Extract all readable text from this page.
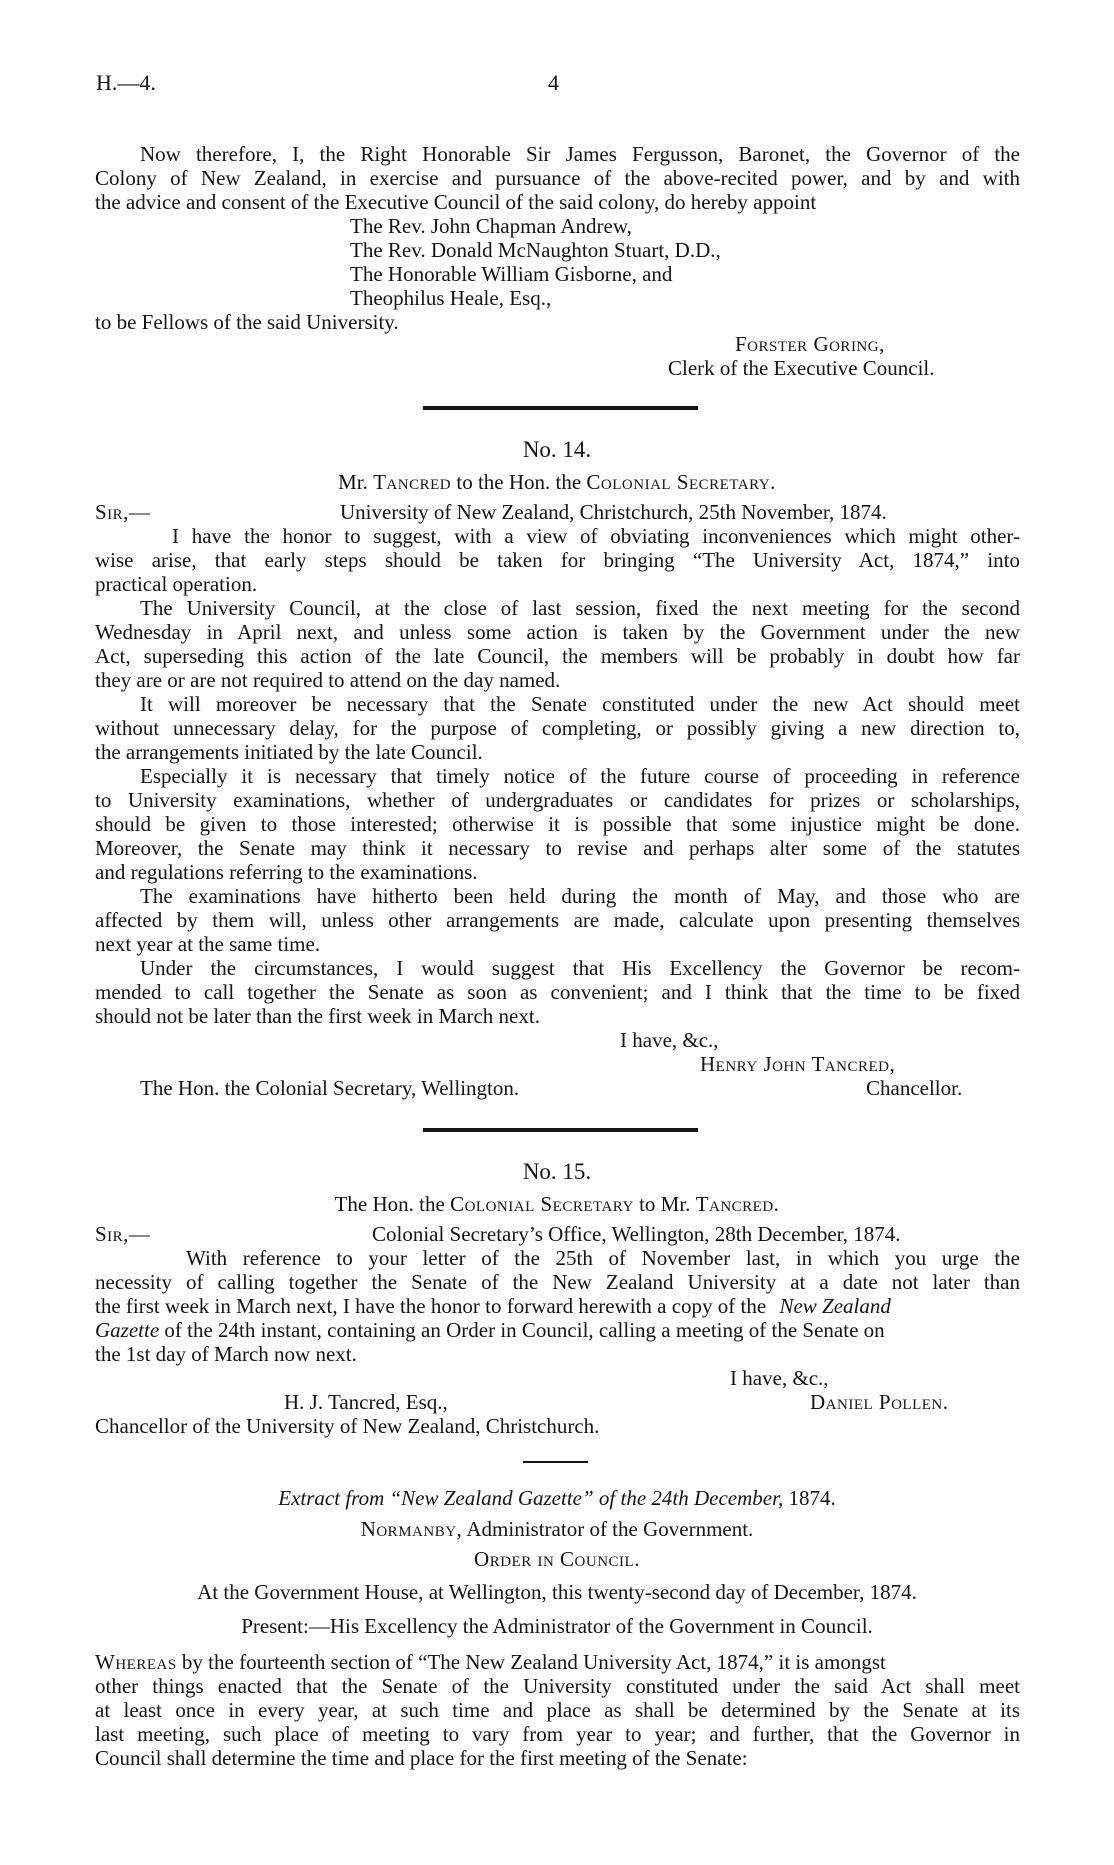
H.—4.	4
Now therefore, I, the Right Honorable Sir James Fergusson, Baronet, the Governor of the
Colony of New Zealand, in exercise and pursuance of the above-recited power, and by and with
the advice and consent of the Executive Council of the said colony, do hereby appoint
The Rev. John Chapman Andrew,
The Rev. Donald McNaughton Stuart, D.D.,
The Honorable William Gisborne, and
Theophilus Heale, Esq.,
to be Fellows of the said University.
Forster Goring,
Clerk of the Executive Council.
No. 14.
Mr. Tancred to the Hon. the Colonial Secretary.
Sir,—	University of New Zealand, Christchurch, 25th November, 1874.
I have the honor to suggest, with a view of obviating inconveniences which might other-
wise arise, that early steps should be taken for bringing “The University Act, 1874,” into
practical operation.
The University Council, at the close of last session, fixed the next meeting for the second
Wednesday in April next, and unless some action is taken by the Government under the new
Act, superseding this action of the late Council, the members will be probably in doubt how far
they are or are not required to attend on the day named.
It will moreover be necessary that the Senate constituted under the new Act should meet
without unnecessary delay, for the purpose of completing, or possibly giving a new direction to,
the arrangements initiated by the late Council.
Especially it is necessary that timely notice of the future course of proceeding in reference
to University examinations, whether of undergraduates or candidates for prizes or scholarships,
should be given to those interested; otherwise it is possible that some injustice might be done.
Moreover, the Senate may think it necessary to revise and perhaps alter some of the statutes
and regulations referring to the examinations.
The examinations have hitherto been held during the month of May, and those who are
affected by them will, unless other arrangements are made, calculate upon presenting themselves
next year at the same time.
Under the circumstances, I would suggest that His Excellency the Governor be recom-
mended to call together the Senate as soon as convenient; and I think that the time to be fixed
should not be later than the first week in March next.
I have, &c.,
Henry John Tancred,
The Hon. the Colonial Secretary, Wellington.	Chancellor.
No. 15.
The Hon. the Colonial Secretary to Mr. Tancred.
Sir,—	Colonial Secretary’s Office, Wellington, 28th December, 1874.
With reference to your letter of the 25th of November last, in which you urge the
necessity of calling together the Senate of the New Zealand University at a date not later than
the first week in March next, I have the honor to forward herewith a copy of the New Zealand
Gazette of the 24th instant, containing an Order in Council, calling a meeting of the Senate on
the 1st day of March now next.
I have, &c.,
H. J. Tancred, Esq.,	Daniel Pollen.
Chancellor of the University of New Zealand, Christchurch.
Extract from “New Zealand Gazette” of the 24th December, 1874.
Normanby, Administrator of the Government.
Order in Council.
At the Government House, at Wellington, this twenty-second day of December, 1874.
Present:—His Excellency the Administrator of the Government in Council.
Whereas by the fourteenth section of “The New Zealand University Act, 1874,” it is amongst
other things enacted that the Senate of the University constituted under the said Act shall meet
at least once in every year, at such time and place as shall be determined by the Senate at its
last meeting, such place of meeting to vary from year to year; and further, that the Governor in
Council shall determine the time and place for the first meeting of the Senate:
